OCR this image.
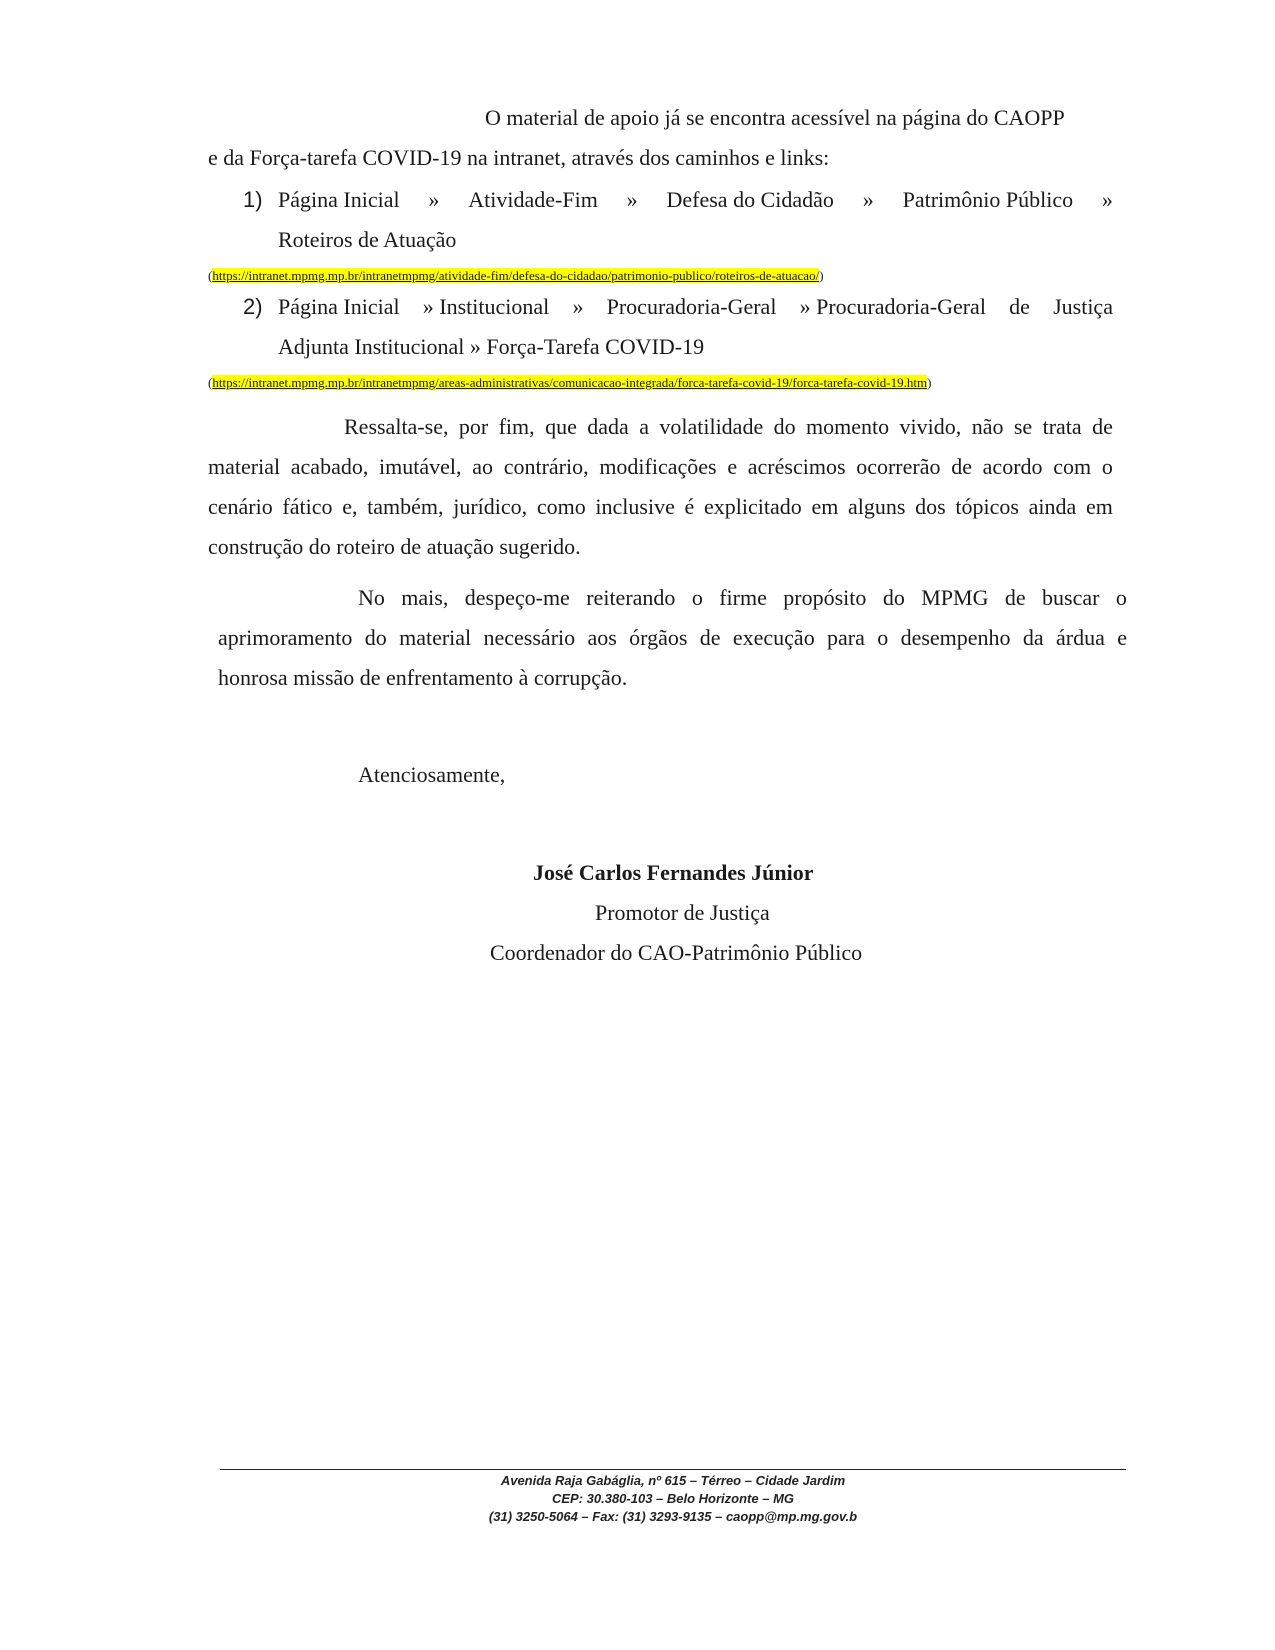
O material de apoio já se encontra acessível na página do CAOPP
e da Força-tarefa COVID-19 na intranet, através dos caminhos e links:
1) Página Inicial » Atividade-Fim » Defesa do Cidadão » Patrimônio Público »
Roteiros de Atuação
(https://intranet.mpmg.mp.br/intranetmpmg/atividade-fim/defesa-do-cidadao/patrimonio-publico/roteiros-de-atuacao/)
2) Página Inicial » Institucional » Procuradoria-Geral » Procuradoria-Geral de Justiça
Adjunta Institucional » Força-Tarefa COVID-19
(https://intranet.mpmg.mp.br/intranetmpmg/areas-administrativas/comunicacao-integrada/forca-tarefa-covid-19/forca-tarefa-covid-19.htm)
Ressalta-se, por fim, que dada a volatilidade do momento vivido, não se trata de
material acabado, imutável, ao contrário, modificações e acréscimos ocorrerão de acordo com o
cenário fático e, também, jurídico, como inclusive é explicitado em alguns dos tópicos ainda em
construção do roteiro de atuação sugerido.
No mais, despeço-me reiterando o firme propósito do MPMG de buscar o
aprimoramento do material necessário aos órgãos de execução para o desempenho da árdua e
honrosa missão de enfrentamento à corrupção.
Atenciosamente,
José Carlos Fernandes Júnior
Promotor de Justiça
Coordenador do CAO-Patrimônio Público
Avenida Raja Gabáglia, nº 615 – Térreo – Cidade Jardim
CEP: 30.380-103 – Belo Horizonte – MG
(31) 3250-5064 – Fax: (31) 3293-9135 – caopp@mp.mg.gov.b
